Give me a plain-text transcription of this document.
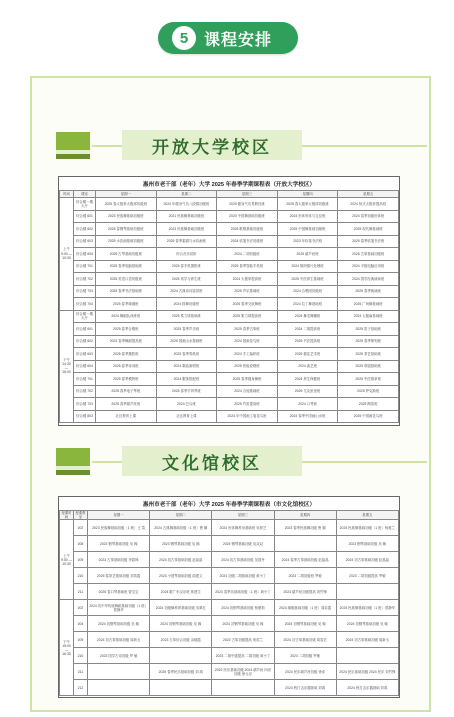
5 课程安排
开放大学校区
惠州市老干部（老年）大学 2025 年春季学期课程表（开放大学校区）
时间	课室	星期一	星期二	星期三	星期四	星期五
上午 9:00 — 10:30	综合楼一楼大厅	2025 春太极拳太极球初级班	2024 年健身气功八段锦初级班	2025 健身气功易筋经班	2025 春太极拳太极球初级班	2024 杨式太极拳提高班
	综合楼 601	2023 民族舞基础初级班	2021 民族舞基础初级班	2020 中国舞基础初级班	2024 形体形体与礼仪班	2024 春季初级形体班
	综合楼 602	2025 春钢琴基础初级班	2023 民族舞基础初级班	2025 歌唱基础初级班	2025 中国舞基础初级班	2025 现代舞基础班
	综合楼 603	2025 水彩画基础初级班	2025 春季素描与水彩画班	2024 软笔书法初级班	2023 年软笔书法班	2025 春季软笔书法班
	综合楼 604	2025 古琴基础初级班	综合音乐赏析	2024 二胡初级班	2025 葫芦丝班	2025 古筝基础初级班
	综合楼 701	2025 春季电脑基础班	2025 春手机摄影班	2025 春季智能手机班	2024 数码照片处理班	2024 平板电脑应用班
	综合楼 702	2025 英语口语初级班	2025 易学与养生班	2024 太极拳提高班	2025 中医养生基础班	2024 国学经典诵读班
	综合楼 703	2025 春季书法基础班	2024 古典诗词鉴赏班	2025 声乐基础班	2024 合唱团初级班	2025 春季朗诵班
	综合楼 704	2025 春季瑜伽班	2024 排舞初级班	2025 春季交谊舞班	2024 拉丁舞基础班	2025 广场舞基础班
下午 14:30 — 16:00	综合楼一楼大厅	2024 舞蹈队训练班	2025 柔力球基础班	2025 柔力球提高班	2024 舞龙舞狮班	2024 太极扇基础班
	综合楼 601	2025 春季合唱班	2025 春季声乐班	2025 春季古筝班	2024 二胡提高班	2025 笛子基础班
	综合楼 602	2023 春季舞蹈提高班	2025 国画山水基础班	2024 国画花鸟班	2025 书法提高班	2025 春季篆刻班
	综合楼 603	2025 春季摄影班	2025 春季剪纸班	2024 手工编织班	2025 插花艺术班	2025 茶艺基础班
	综合楼 604	2025 春季诗词班	2024 歌曲演唱班	2025 快板说唱班	2024 曲艺班	2025 粤剧基础班
	综合楼 701	2025 春季模特班	2024 服饰搭配班	2025 春季健身操班	2024 养生保健班	2025 中医推拿班
	综合楼 702	2025 春季电子琴班	2025 春季手风琴班	2024 吉他基础班	2025 尤克里里班	2025 萨克斯班
	综合楼 703	2025 春季葫芦丝班	2024 巴乌班	2025 竹笛提高班	2024 口琴班	2025 陶笛班
	综合楼 803	社区教育上课	社区教育上课	2024 年中国画工笔花鸟班	2024 春季中国画山水班	2025 中国画花鸟班
文化馆校区
惠州市老干部（老年）大学 2025 年春季学期课程表（市文化馆校区）
授课时间	授课教室	星期一	星期二	星期三	星期四	星期五
上午 9:00 — 10:30	202	2023 民族舞基础初级（1 班）王 荔	2024 古典舞基础初级（1 班）鲁 顺	2024 形体舞养身基础班 吴树芝	2023 春季民族舞初级 鲁 顺	2024 民族舞基础初级（1 班）杨惠兰
	208	2023 钢琴基础初级 吴 翰	2023 钢琴基础初级 吴 翰	2024 钢琴基础初级 吴双双		2023 钢琴基础初级 吴 翰
	209	2023 古筝基础初级 李碧璋	2024 初古筝基础初级 赵晶晶	2024 初古筝基础初级 吴国丹	2024 春季古筝基础初级 赵晶晶	2024 初古筝基础初级 赵晶晶
	210	2025 春茶艺基础初级 刘英霞	2023 小提琴基础初级 曲建文	2024 初级二胡基础初级 黄小丁	2023 二胡初级班 罗敏	2023 二胡初级提高 罗敏
	211	2025 春口琴基础班 曾宝宝	2024 歌广东汉乐班 郭建生	2023 春季乐基础初级（1 班）黄小丁	2023 葫芦丝初级提高 刘竹锋	
下午 15:00 — 16:30	202	2024 初中华传统舞蹈基础初级（1 班）曾静华	2024 初级舞养养基础初级 吴翠红	2024 初钢琴基础初级 杨蕾莉	2024 瑜伽基础初级（1 班）周彩霞	2024 民族舞基础初级（1 班）曾静华
	204	2024 初钢琴基础初级 吴 翰	2024 初钢琴基础初级 吴 翰	2024 初钢琴基础初级 吴 翰	2024 初钢琴基础初级 吴 翰	2024 初钢琴基础初级 吴 翰
	209	2024 初古筝基础初级 周新玉	2023 古筝综合初级 余晓霞	2023 古筝初级提高 何英兰	2024 初古筝基础初级 周春芸	2024 初古筝基础初级 周新玉
	210	2023 国学古诗初级 罗 敏		2023 二胡中级提高 二胡初级 黄小丁	2023 二胡初级 罗敏	
	211		2025 春季民乐基础初级 刘 鸿	2023 民乐基础初级 2024 葫芦丝 四世初级 徐元谷	2024 民乐葫芦丝初级 徐邓	2024 民乐基础初级 2024 民乐 刘竹锋
	212				2024 秋打击乐器基础 刘鸿	2024 秋打击乐器基础 刘鸿
